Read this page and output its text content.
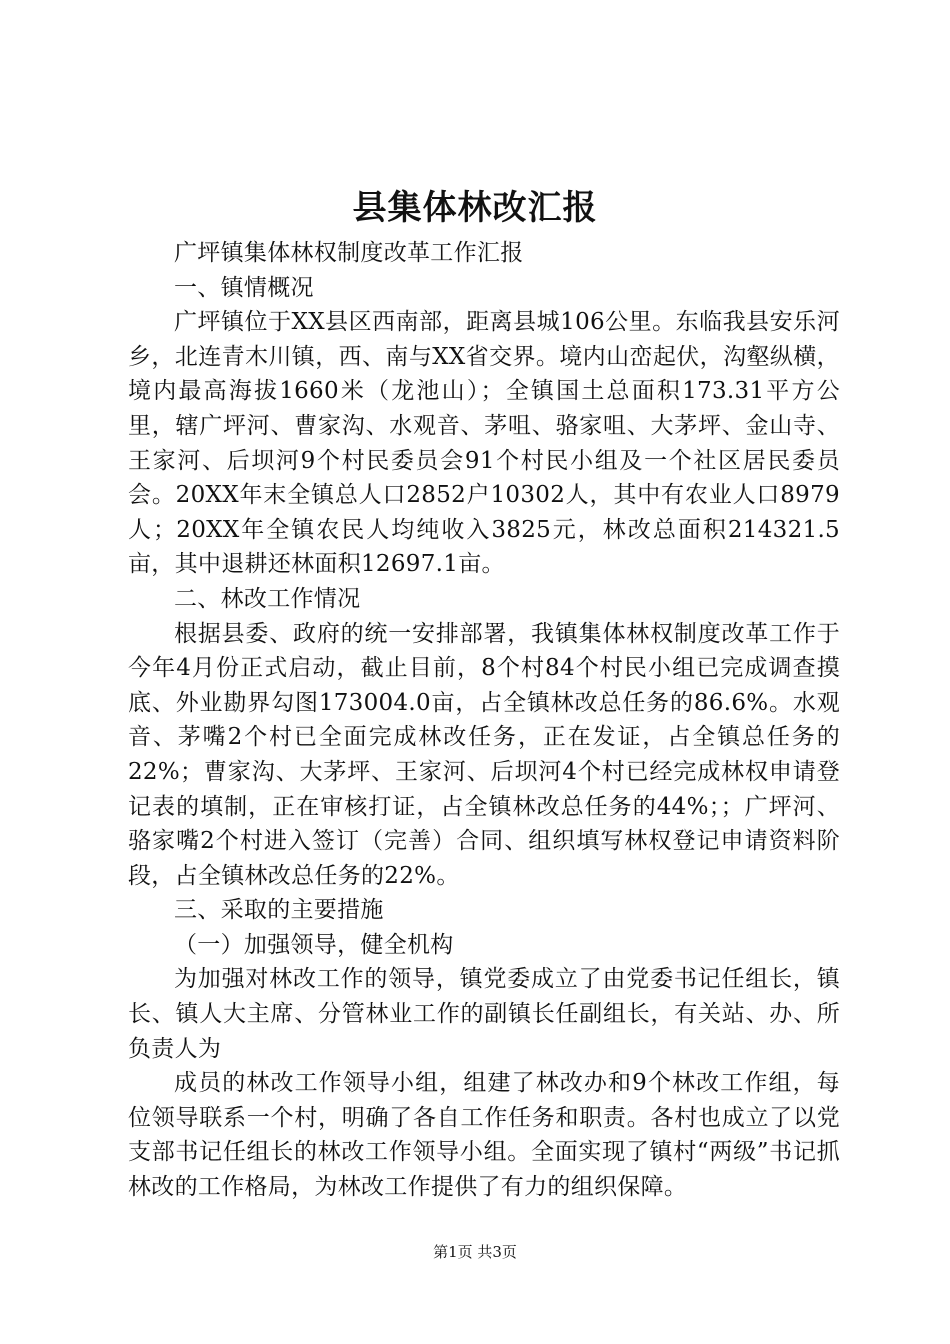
县集体林改汇报

广坪镇集体林权制度改革工作汇报

一、镇情概况

广坪镇位于XX县区西南部，距离县城106公里。东临我县安乐河乡，北连青木川镇，西、南与XX省交界。境内山峦起伏，沟壑纵横，境内最高海拔1660米（龙池山）；全镇国土总面积173.31平方公里，辖广坪河、曹家沟、水观音、茅咀、骆家咀、大茅坪、金山寺、王家河、后坝河9个村民委员会91个村民小组及一个社区居民委员会。20XX年末全镇总人口2852户10302人，其中有农业人口8979人；20XX年全镇农民人均纯收入3825元，林改总面积214321.5亩，其中退耕还林面积12697.1亩。

二、林改工作情况

根据县委、政府的统一安排部署，我镇集体林权制度改革工作于今年4月份正式启动，截止目前，8个村84个村民小组已完成调查摸底、外业勘界勾图173004.0亩，占全镇林改总任务的86.6%。水观音、茅嘴2个村已全面完成林改任务，正在发证，占全镇总任务的22%；曹家沟、大茅坪、王家河、后坝河4个村已经完成林权申请登记表的填制，正在审核打证，占全镇林改总任务的44%；；广坪河、骆家嘴2个村进入签订（完善）合同、组织填写林权登记申请资料阶段，占全镇林改总任务的22%。

三、采取的主要措施

（一）加强领导，健全机构

为加强对林改工作的领导，镇党委成立了由党委书记任组长，镇长、镇人大主席、分管林业工作的副镇长任副组长，有关站、办、所负责人为

成员的林改工作领导小组，组建了林改办和9个林改工作组，每位领导联系一个村，明确了各自工作任务和职责。各村也成立了以党支部书记任组长的林改工作领导小组。全面实现了镇村“两级”书记抓林改的工作格局，为林改工作提供了有力的组织保障。

第1页 共3页
